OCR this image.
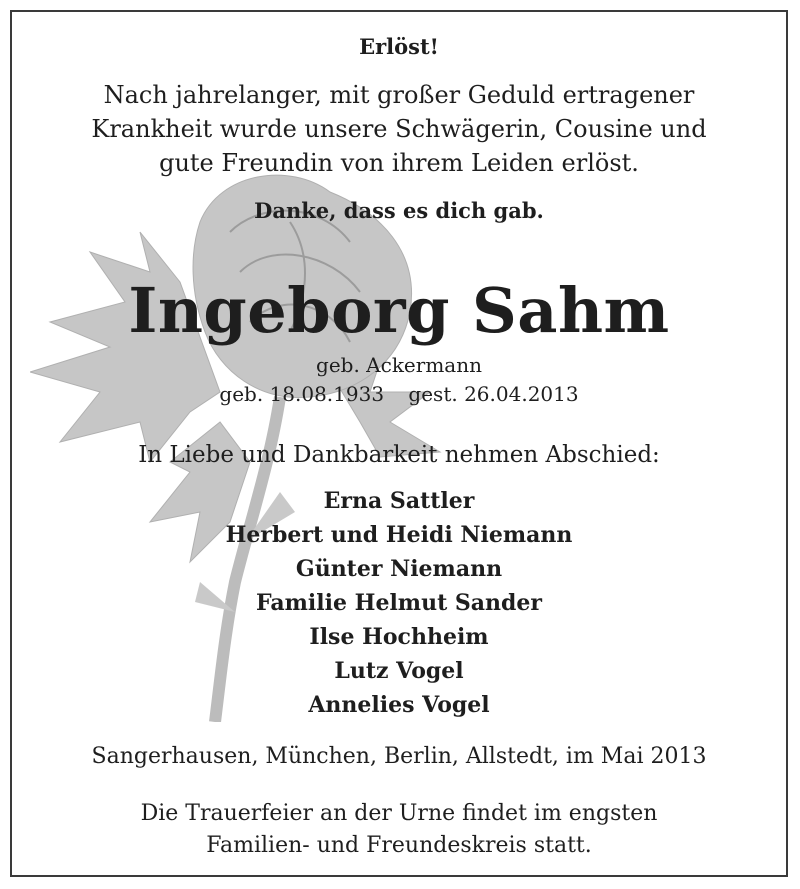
Erlöst!
Nach jahrelanger, mit großer Geduld ertragener
Krankheit wurde unsere Schwägerin, Cousine und
gute Freundin von ihrem Leiden erlöst.
Danke, dass es dich gab.
Ingeborg Sahm
geb. Ackermann
geb. 18.08.1933 gest. 26.04.2013
In Liebe und Dankbarkeit nehmen Abschied:
Erna Sattler
Herbert und Heidi Niemann
Günter Niemann
Familie Helmut Sander
Ilse Hochheim
Lutz Vogel
Annelies Vogel
Sangerhausen, München, Berlin, Allstedt, im Mai 2013
Die Trauerfeier an der Urne findet im engsten
Familien- und Freundeskreis statt.
